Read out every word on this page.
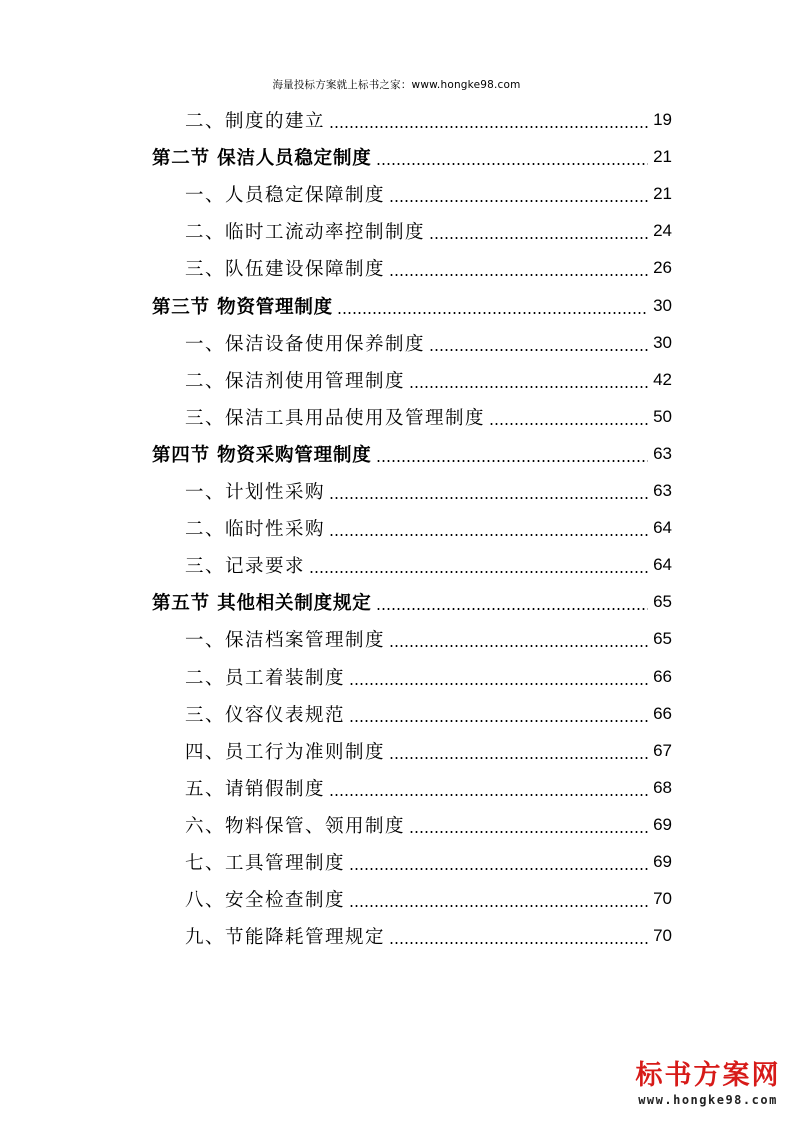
海量投标方案就上标书之家：www.hongke98.com
二、制度的建立	19
第二节 保洁人员稳定制度	21
一、人员稳定保障制度	21
二、临时工流动率控制制度	24
三、队伍建设保障制度	26
第三节 物资管理制度	30
一、保洁设备使用保养制度	30
二、保洁剂使用管理制度	42
三、保洁工具用品使用及管理制度	50
第四节 物资采购管理制度	63
一、计划性采购	63
二、临时性采购	64
三、记录要求	64
第五节 其他相关制度规定	65
一、保洁档案管理制度	65
二、员工着装制度	66
三、仪容仪表规范	66
四、员工行为准则制度	67
五、请销假制度	68
六、物料保管、领用制度	69
七、工具管理制度	69
八、安全检查制度	70
九、节能降耗管理规定	70
标书方案网
www.hongke98.com
